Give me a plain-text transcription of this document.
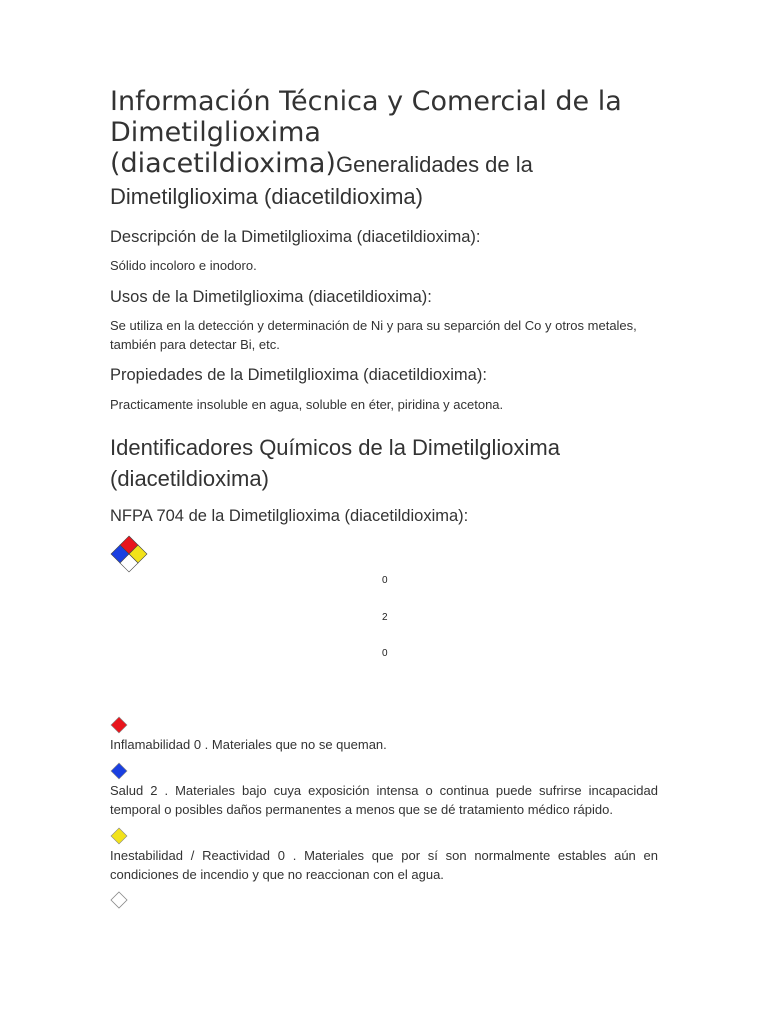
Información Técnica y Comercial de la Dimetilglioxima (diacetildioxima)Generalidades de la Dimetilglioxima (diacetildioxima)
Descripción de la Dimetilglioxima (diacetildioxima):

Sólido incoloro e inodoro.

Usos de la Dimetilglioxima (diacetildioxima):

Se utiliza en la detección y determinación de Ni y para su separción del Co y otros metales, también para detectar Bi, etc.

Propiedades de la Dimetilglioxima (diacetildioxima):

Practicamente insoluble en agua, soluble en éter, piridina y acetona.

Identificadores Químicos de la Dimetilglioxima (diacetildioxima)
NFPA 704 de la Dimetilglioxima (diacetildioxima):
0
2
0

Inflamabilidad 0 . Materiales que no se queman.

Salud 2 . Materiales bajo cuya exposición intensa o continua puede sufrirse incapacidad temporal o posibles daños permanentes a menos que se dé tratamiento médico rápido.

Inestabilidad / Reactividad 0 . Materiales que por sí son normalmente estables aún en condiciones de incendio y que no reaccionan con el agua.
